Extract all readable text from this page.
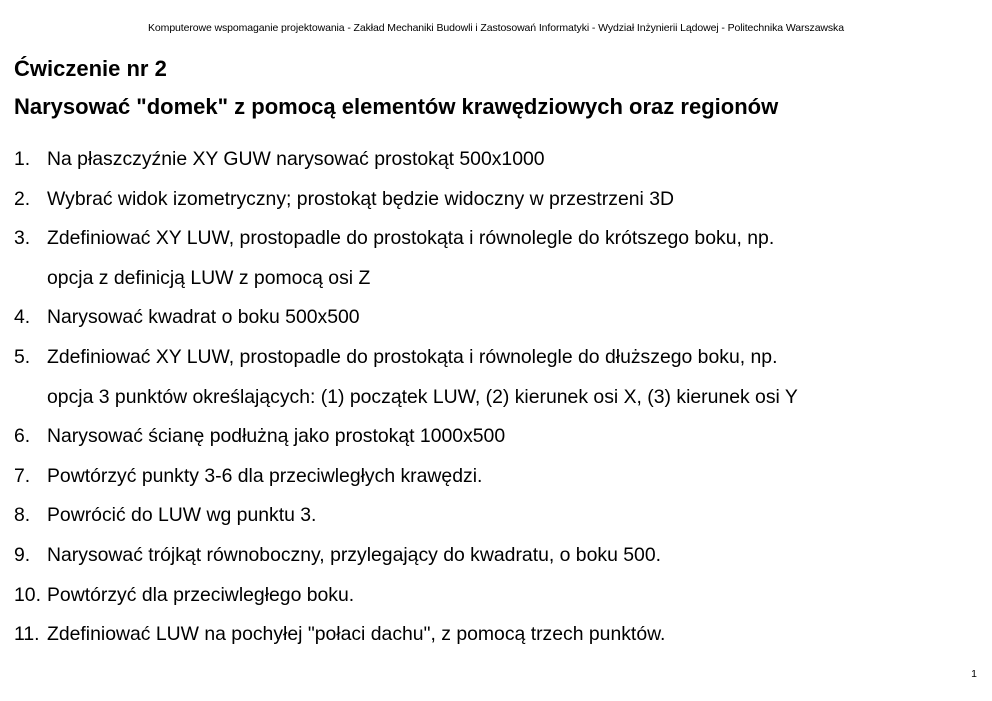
Komputerowe wspomaganie projektowania - Zakład Mechaniki Budowli i Zastosowań Informatyki - Wydział Inżynierii Lądowej - Politechnika Warszawska
Ćwiczenie nr 2
Narysować "domek" z pomocą elementów krawędziowych oraz regionów
1. Na płaszczyźnie XY GUW narysować prostokąt 500x1000
2. Wybrać widok izometryczny; prostokąt będzie widoczny w przestrzeni 3D
3. Zdefiniować XY LUW, prostopadle do prostokąta i równolegle do krótszego boku, np.
opcja z definicją LUW z pomocą osi Z
4. Narysować kwadrat o boku 500x500
5. Zdefiniować XY LUW, prostopadle do prostokąta i równolegle do dłuższego boku, np.
opcja 3 punktów określających: (1) początek LUW, (2) kierunek osi X, (3) kierunek osi Y
6. Narysować ścianę podłużną jako prostokąt 1000x500
7. Powtórzyć punkty 3-6 dla przeciwległych krawędzi.
8. Powrócić do LUW wg punktu 3.
9. Narysować trójkąt równoboczny, przylegający do kwadratu, o boku 500.
10. Powtórzyć dla przeciwległego boku.
11. Zdefiniować LUW na pochyłej "połaci dachu", z pomocą trzech punktów.
1
